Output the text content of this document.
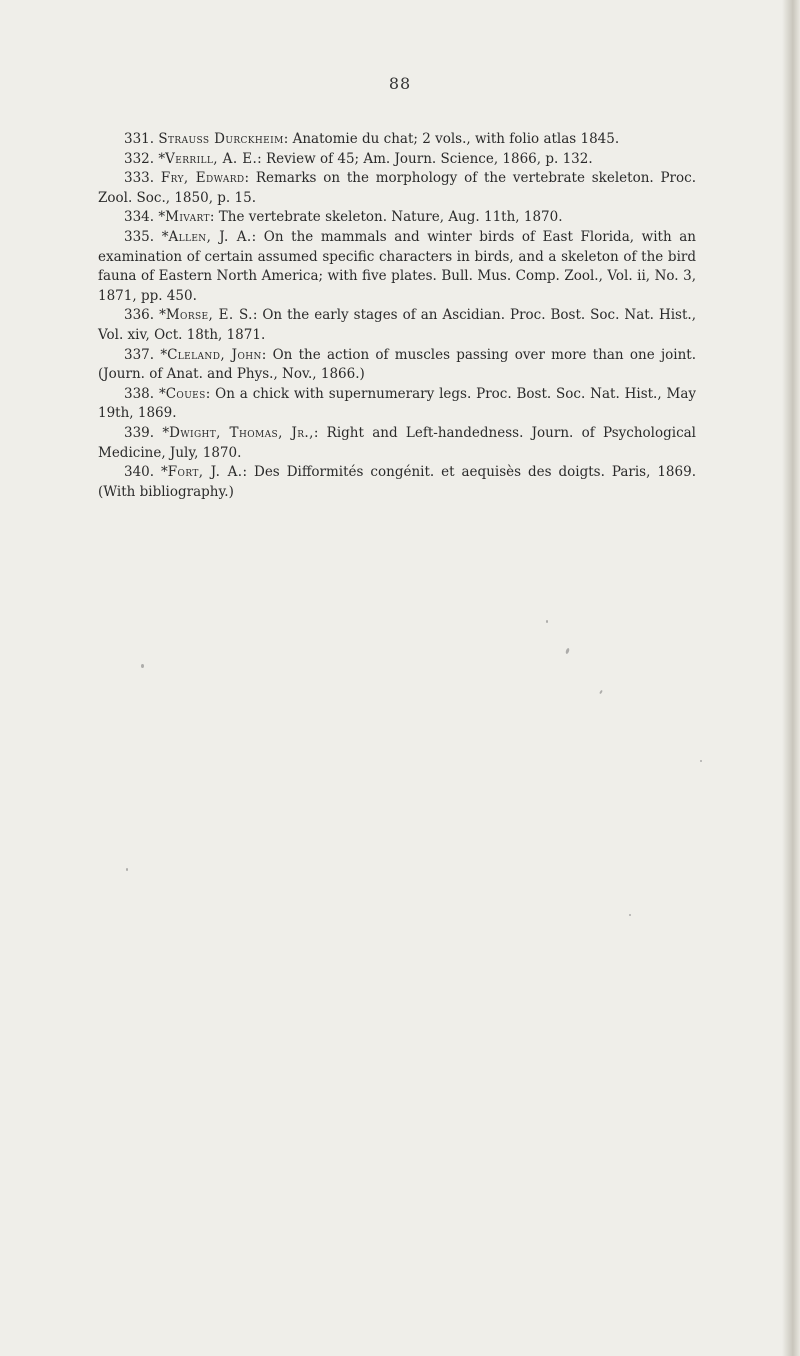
88

331. Strauss Durckheim: Anatomie du chat; 2 vols., with folio atlas 1845.

332. *Verrill, A. E.: Review of 45; Am. Journ. Science, 1866, p. 132.

333. Fry, Edward: Remarks on the morphology of the vertebrate skeleton. Proc. Zool. Soc., 1850, p. 15.

334. *Mivart: The vertebrate skeleton. Nature, Aug. 11th, 1870.

335. *Allen, J. A.: On the mammals and winter birds of East Florida, with an examination of certain assumed specific characters in birds, and a skeleton of the bird fauna of Eastern North America; with five plates. Bull. Mus. Comp. Zool., Vol. ii, No. 3, 1871, pp. 450.

336. *Morse, E. S.: On the early stages of an Ascidian. Proc. Bost. Soc. Nat. Hist., Vol. xiv, Oct. 18th, 1871.

337. *Cleland, John: On the action of muscles passing over more than one joint. (Journ. of Anat. and Phys., Nov., 1866.)

338. *Coues: On a chick with supernumerary legs. Proc. Bost. Soc. Nat. Hist., May 19th, 1869.

339. *Dwight, Thomas, Jr.,: Right and Left-handedness. Journ. of Psychological Medicine, July, 1870.

340. *Fort, J. A.: Des Difformités congénit. et aequisès des doigts. Paris, 1869. (With bibliography.)
